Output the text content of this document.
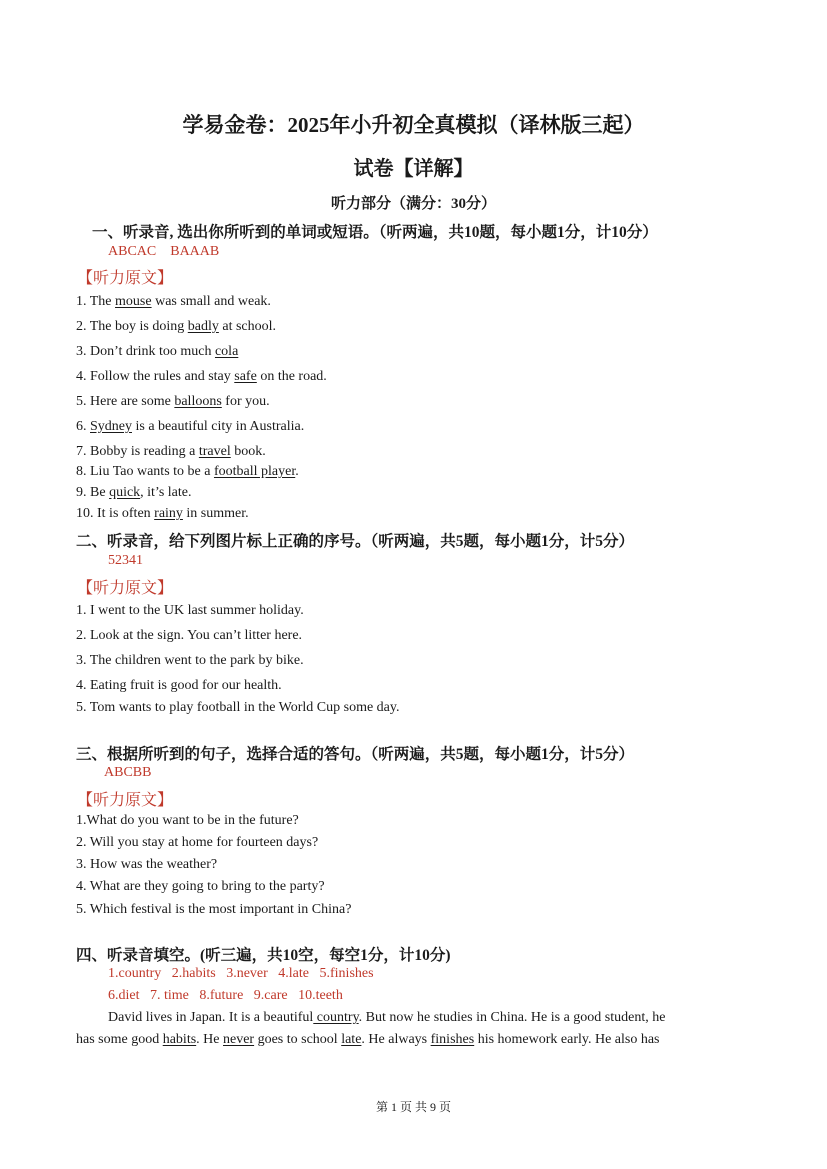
学易金卷：2025年小升初全真模拟（译林版三起）
试卷【详解】
听力部分（满分：30分）
一、听录音, 选出你所听到的单词或短语。（听两遍，共10题，每小题1分，计10分）
ABCAC    BAAAB
【听力原文】
1. The mouse was small and weak.
2. The boy is doing badly at school.
3. Don’t drink too much cola
4. Follow the rules and stay safe on the road.
5. Here are some balloons for you.
6. Sydney is a beautiful city in Australia.
7. Bobby is reading a travel book.
8. Liu Tao wants to be a football player.
9. Be quick, it’s late.
10. It is often rainy in summer.
二、听录音，给下列图片标上正确的序号。（听两遍，共5题，每小题1分，计5分）
52341
【听力原文】
1. I went to the UK last summer holiday.
2. Look at the sign. You can’t litter here.
3. The children went to the park by bike.
4. Eating fruit is good for our health.
5. Tom wants to play football in the World Cup some day.
三、根据所听到的句子，选择合适的答句。（听两遍，共5题，每小题1分，计5分）
ABCBB
【听力原文】
1.What do you want to be in the future?
2. Will you stay at home for fourteen days?
3. How was the weather?
4. What are they going to bring to the party?
5. Which festival is the most important in China?
四、听录音填空。(听三遍，共10空，每空1分，计10分)
1.country   2.habits   3.never   4.late   5.finishes
6.diet   7. time   8.future   9.care   10.teeth
David lives in Japan. It is a beautiful country. But now he studies in China. He is a good student, he
has some good habits. He never goes to school late. He always finishes his homework early. He also has
第 1 页 共 9 页
